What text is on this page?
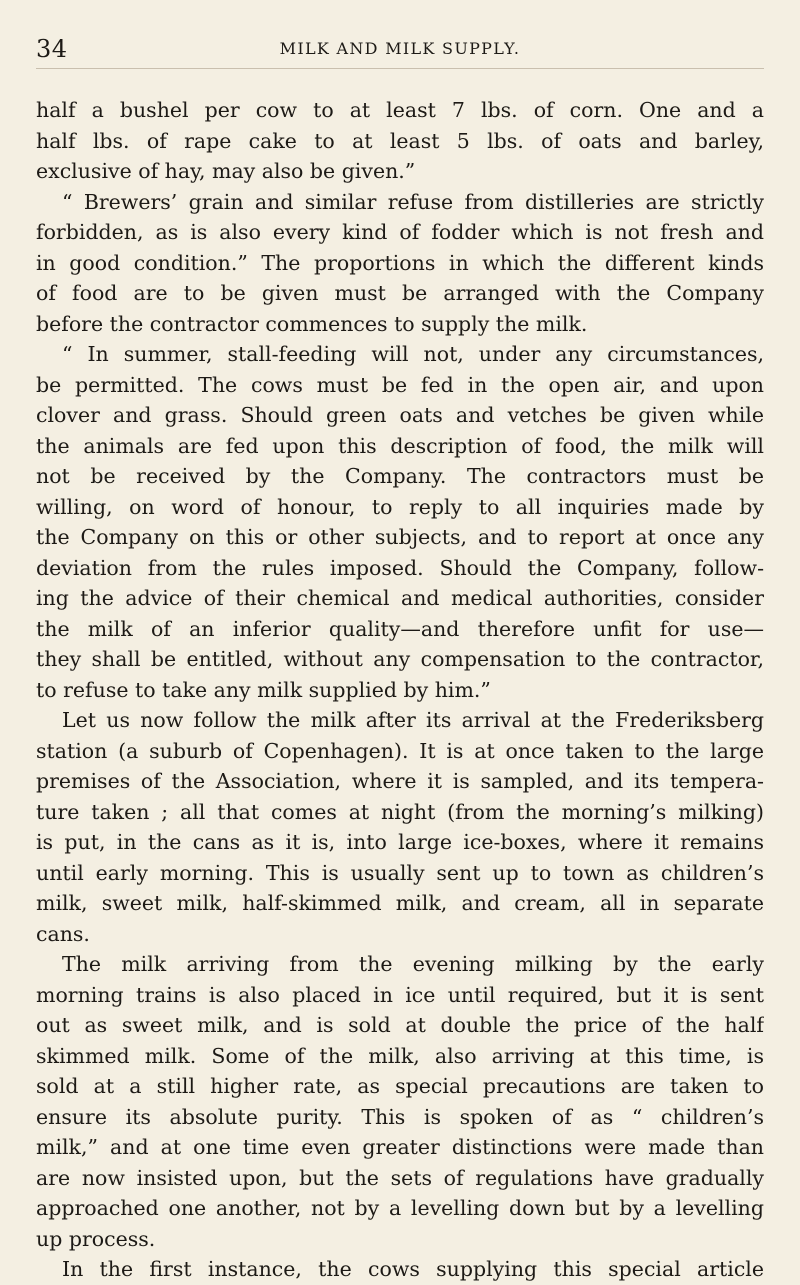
34	MILK AND MILK SUPPLY.
half a bushel per cow to at least 7 lbs. of corn. One and a
half lbs. of rape cake to at least 5 lbs. of oats and barley,
exclusive of hay, may also be given.”
“ Brewers’ grain and similar refuse from distilleries are strictly
forbidden, as is also every kind of fodder which is not fresh and
in good condition.” The proportions in which the different kinds
of food are to be given must be arranged with the Company
before the contractor commences to supply the milk.
“ In summer, stall-feeding will not, under any circumstances,
be permitted. The cows must be fed in the open air, and upon
clover and grass. Should green oats and vetches be given while
the animals are fed upon this description of food, the milk will
not be received by the Company. The contractors must be
willing, on word of honour, to reply to all inquiries made by
the Company on this or other subjects, and to report at once any
deviation from the rules imposed. Should the Company, follow-
ing the advice of their chemical and medical authorities, consider
the milk of an inferior quality—and therefore unfit for use—
they shall be entitled, without any compensation to the contractor,
to refuse to take any milk supplied by him.”
Let us now follow the milk after its arrival at the Frederiksberg
station (a suburb of Copenhagen). It is at once taken to the large
premises of the Association, where it is sampled, and its tempera-
ture taken ; all that comes at night (from the morning’s milking)
is put, in the cans as it is, into large ice-boxes, where it remains
until early morning. This is usually sent up to town as children’s
milk, sweet milk, half-skimmed milk, and cream, all in separate
cans.
The milk arriving from the evening milking by the early
morning trains is also placed in ice until required, but it is sent
out as sweet milk, and is sold at double the price of the half
skimmed milk. Some of the milk, also arriving at this time, is
sold at a still higher rate, as special precautions are taken to
ensure its absolute purity. This is spoken of as “ children’s
milk,” and at one time even greater distinctions were made than
are now insisted upon, but the sets of regulations have gradually
approached one another, not by a levelling down but by a levelling
up process.
In the first instance, the cows supplying this special article
